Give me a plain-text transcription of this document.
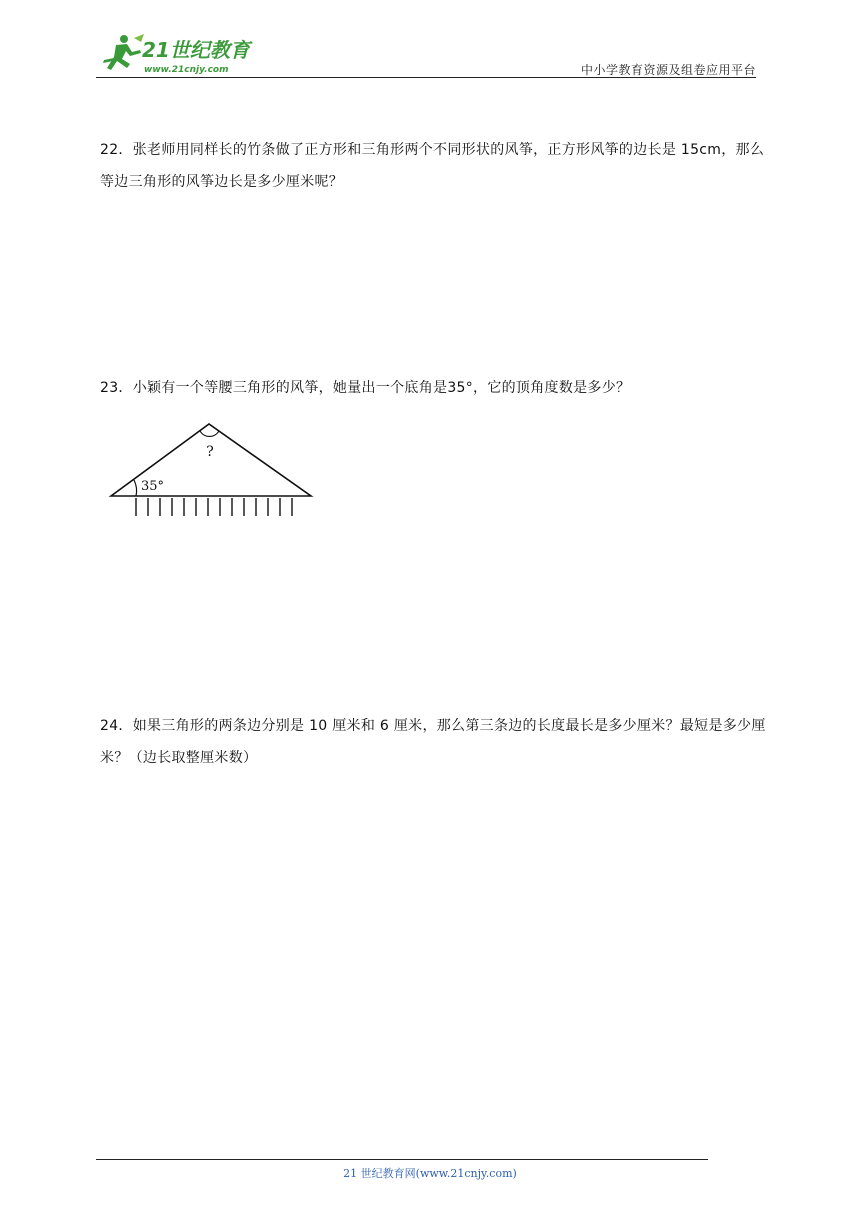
21世纪教育
www.21cnjy.com	中小学教育资源及组卷应用平台
22．张老师用同样长的竹条做了正方形和三角形两个不同形状的风筝，正方形风筝的边长是 15cm，那么等边三角形的风筝边长是多少厘米呢？
23．小颖有一个等腰三角形的风筝，她量出一个底角是35°，它的顶角度数是多少？
?
35°
24．如果三角形的两条边分别是 10 厘米和 6 厘米，那么第三条边的长度最长是多少厘米？最短是多少厘米？（边长取整厘米数）
21 世纪教育网(www.21cnjy.com)
